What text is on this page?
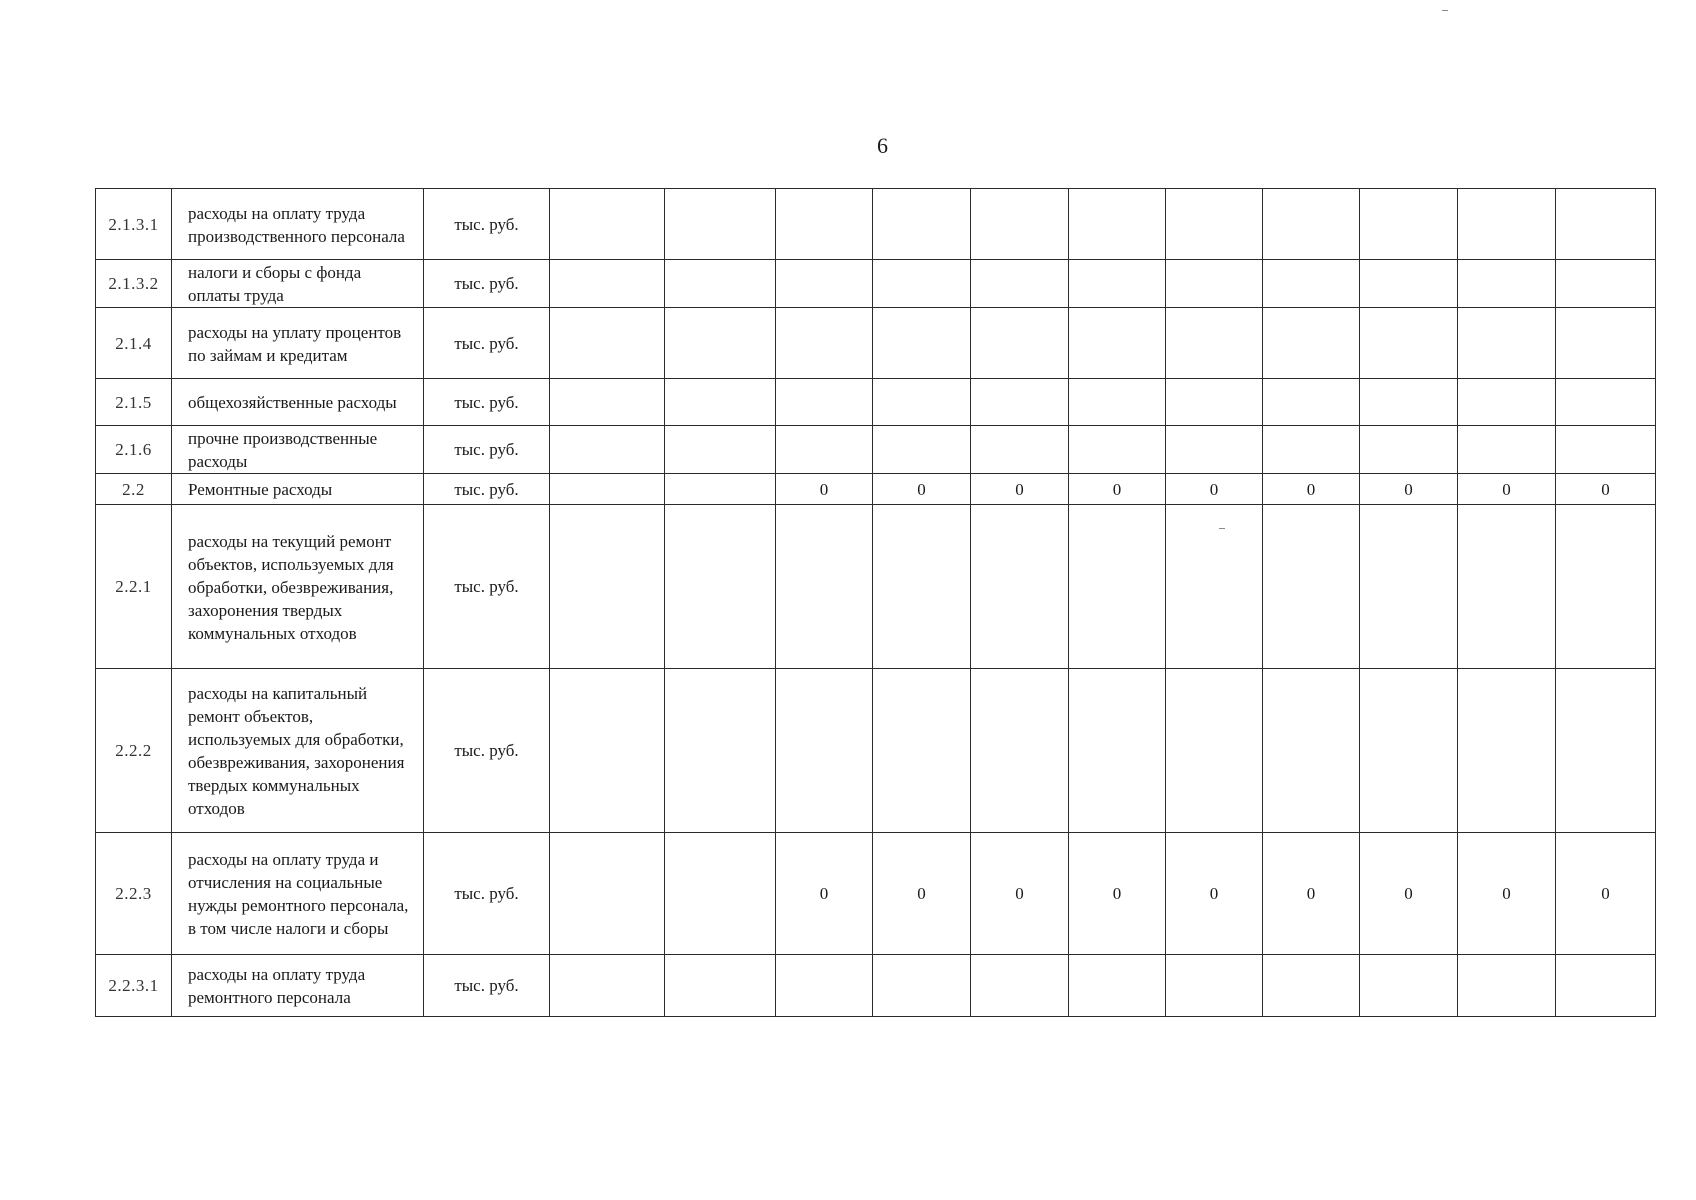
6
2.1.3.1	расходы на оплату труда производственного персонала	тыс. руб.											
2.1.3.2	налоги и сборы с фонда оплаты труда	тыс. руб.											
2.1.4	расходы на уплату процентов по займам и кредитам	тыс. руб.											
2.1.5	общехозяйственные расходы	тыс. руб.											
2.1.6	прочне производственные расходы	тыс. руб.											
2.2	Ремонтные расходы	тыс. руб.			0	0	0	0	0	0	0	0	0
2.2.1	расходы на текущий ремонт объектов, используемых для обработки, обезвреживания, захоронения твердых коммунальных отходов	тыс. руб.											
2.2.2	расходы на капитальный ремонт объектов, используемых для обработки, обезвреживания, захоронения твердых коммунальных отходов	тыс. руб.											
2.2.3	расходы на оплату труда и отчисления на социальные нужды ремонтного персонала, в том числе налоги и сборы	тыс. руб.			0	0	0	0	0	0	0	0	0
2.2.3.1	расходы на оплату труда ремонтного персонала	тыс. руб.											
